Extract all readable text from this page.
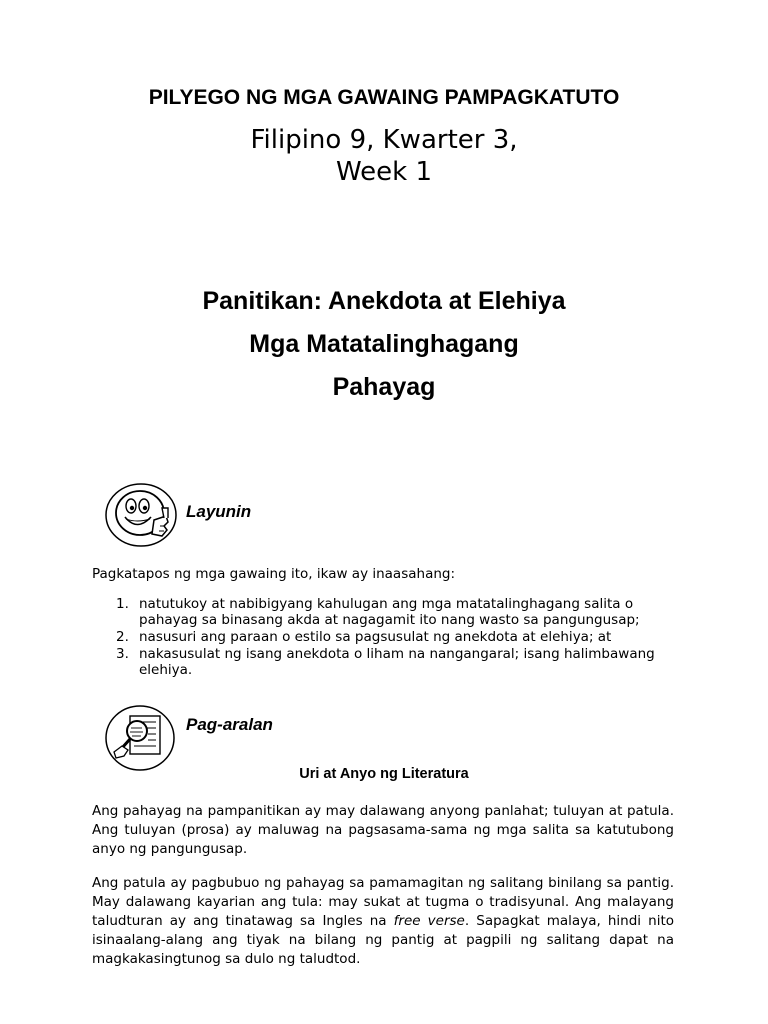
PILYEGO NG MGA GAWAING PAMPAGKATUTO
Filipino 9, Kwarter 3,
Week 1
Panitikan: Anekdota at Elehiya
Mga Matatalinghagang
Pahayag
Layunin
Pagkatapos ng mga gawaing ito, ikaw ay inaasahang:
1. natutukoy at nabibigyang kahulugan ang mga matatalinghagang salita o
pahayag sa binasang akda at nagagamit ito nang wasto sa pangungusap;
2. nasusuri ang paraan o estilo sa pagsusulat ng anekdota at elehiya; at
3. nakasusulat ng isang anekdota o liham na nangangaral; isang halimbawang
elehiya.
Pag-aralan
Uri at Anyo ng Literatura
Ang pahayag na pampanitikan ay may dalawang anyong panlahat; tuluyan at patula. Ang tuluyan (prosa) ay maluwag na pagsasama-sama ng mga salita sa katutubong anyo ng pangungusap.
Ang patula ay pagbubuo ng pahayag sa pamamagitan ng salitang binilang sa pantig. May dalawang kayarian ang tula: may sukat at tugma o tradisyunal. Ang malayang taludturan ay ang tinatawag sa Ingles na free verse. Sapagkat malaya, hindi nito isinaalang-alang ang tiyak na bilang ng pantig at pagpili ng salitang dapat na magkakasingtunog sa dulo ng taludtod.
